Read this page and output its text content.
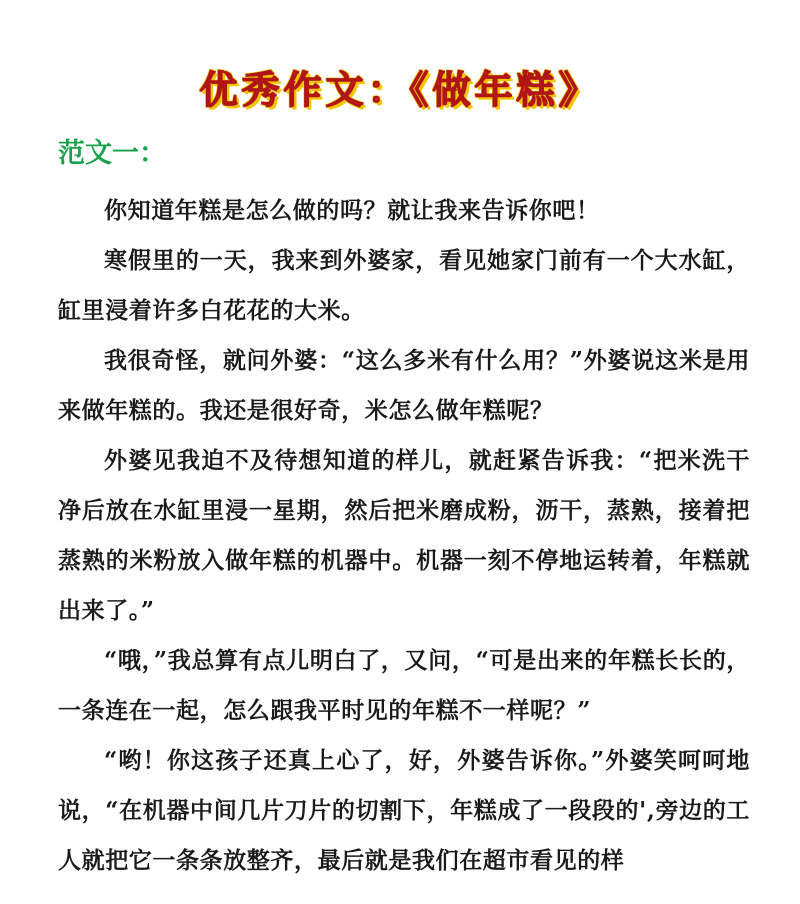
优秀作文：《做年糕》
范文一：

你知道年糕是怎么做的吗？就让我来告诉你吧！

寒假里的一天，我来到外婆家，看见她家门前有一个大水缸，缸里浸着许多白花花的大米。

我很奇怪，就问外婆：“这么多米有什么用？”外婆说这米是用来做年糕的。我还是很好奇，米怎么做年糕呢？

外婆见我迫不及待想知道的样儿，就赶紧告诉我：“把米洗干净后放在水缸里浸一星期，然后把米磨成粉，沥干，蒸熟，接着把蒸熟的米粉放入做年糕的机器中。机器一刻不停地运转着，年糕就出来了。”

“哦，”我总算有点儿明白了，又问，“可是出来的年糕长长的，一条连在一起，怎么跟我平时见的年糕不一样呢？”

“哟！你这孩子还真上心了，好，外婆告诉你。”外婆笑呵呵地说，“在机器中间几片刀片的切割下，年糕成了一段段的',旁边的工人就把它一条条放整齐，最后就是我们在超市看见的样
